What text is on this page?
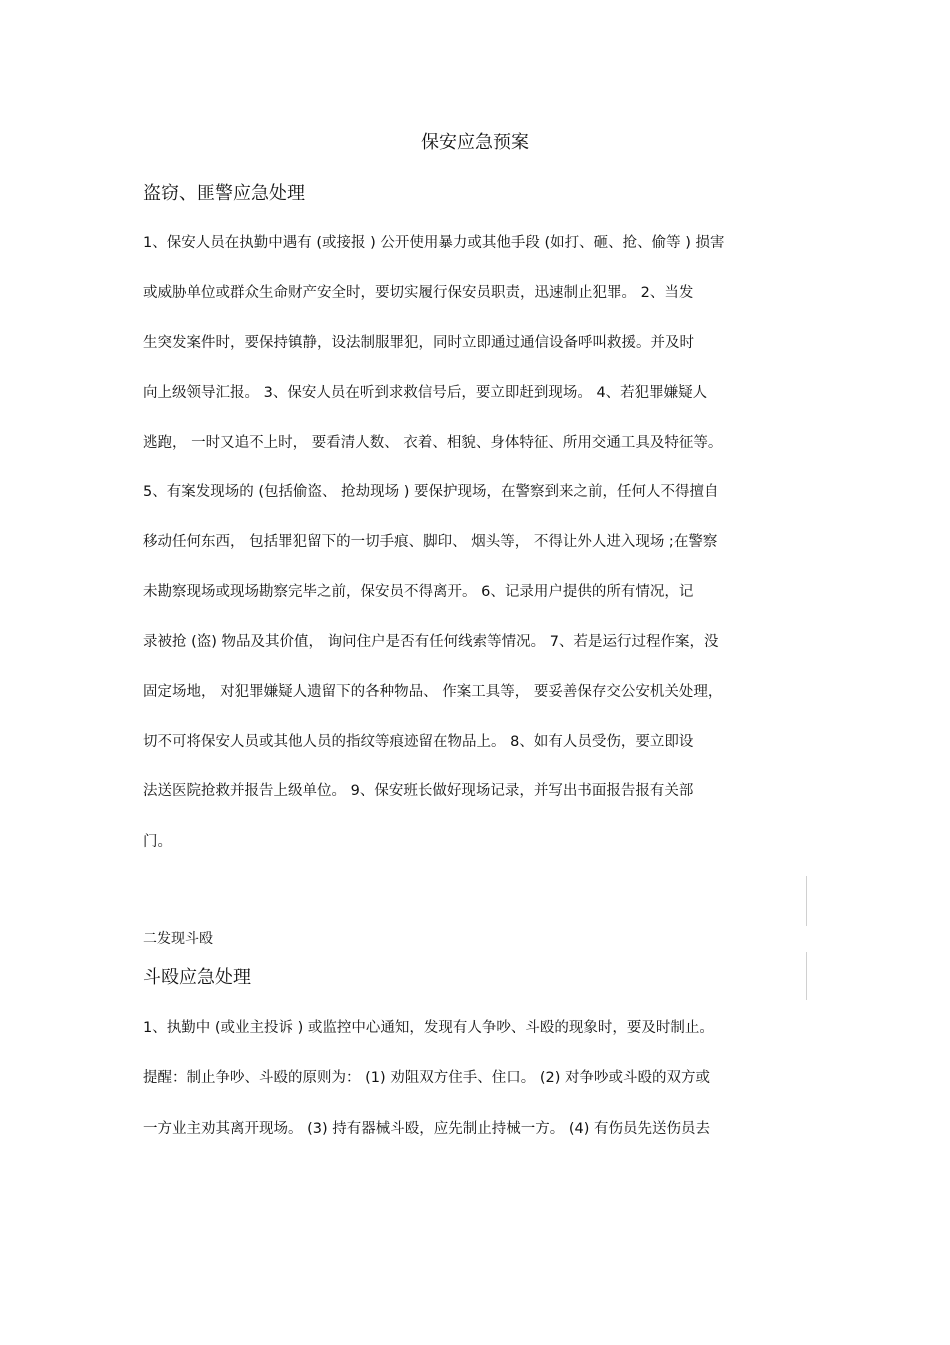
保安应急预案
盗窃、匪警应急处理
1、保安人员在执勤中遇有 (或接报 ) 公开使用暴力或其他手段 (如打、砸、抢、偷等 ) 损害
或威胁单位或群众生命财产安全时，要切实履行保安员职责，迅速制止犯罪。 2、当发
生突发案件时，要保持镇静，设法制服罪犯，同时立即通过通信设备呼叫救援。并及时
向上级领导汇报。 3、保安人员在听到求救信号后，要立即赶到现场。 4、若犯罪嫌疑人
逃跑， 一时又追不上时， 要看清人数、 衣着、相貌、身体特征、所用交通工具及特征等。
5、有案发现场的 (包括偷盗、 抢劫现场 ) 要保护现场，在警察到来之前，任何人不得擅自
移动任何东西， 包括罪犯留下的一切手痕、脚印、 烟头等， 不得让外人进入现场 ;在警察
未勘察现场或现场勘察完毕之前，保安员不得离开。 6、记录用户提供的所有情况，记
录被抢 (盗) 物品及其价值， 询问住户是否有任何线索等情况。 7、若是运行过程作案，没
固定场地， 对犯罪嫌疑人遗留下的各种物品、 作案工具等， 要妥善保存交公安机关处理，
切不可将保安人员或其他人员的指纹等痕迹留在物品上。 8、如有人员受伤，要立即设
法送医院抢救并报告上级单位。 9、保安班长做好现场记录，并写出书面报告报有关部
门。
二发现斗殴
斗殴应急处理
1、执勤中 (或业主投诉 ) 或监控中心通知，发现有人争吵、斗殴的现象时，要及时制止。
提醒：制止争吵、斗殴的原则为： (1) 劝阻双方住手、住口。 (2) 对争吵或斗殴的双方或
一方业主劝其离开现场。 (3) 持有器械斗殴，应先制止持械一方。 (4) 有伤员先送伤员去
